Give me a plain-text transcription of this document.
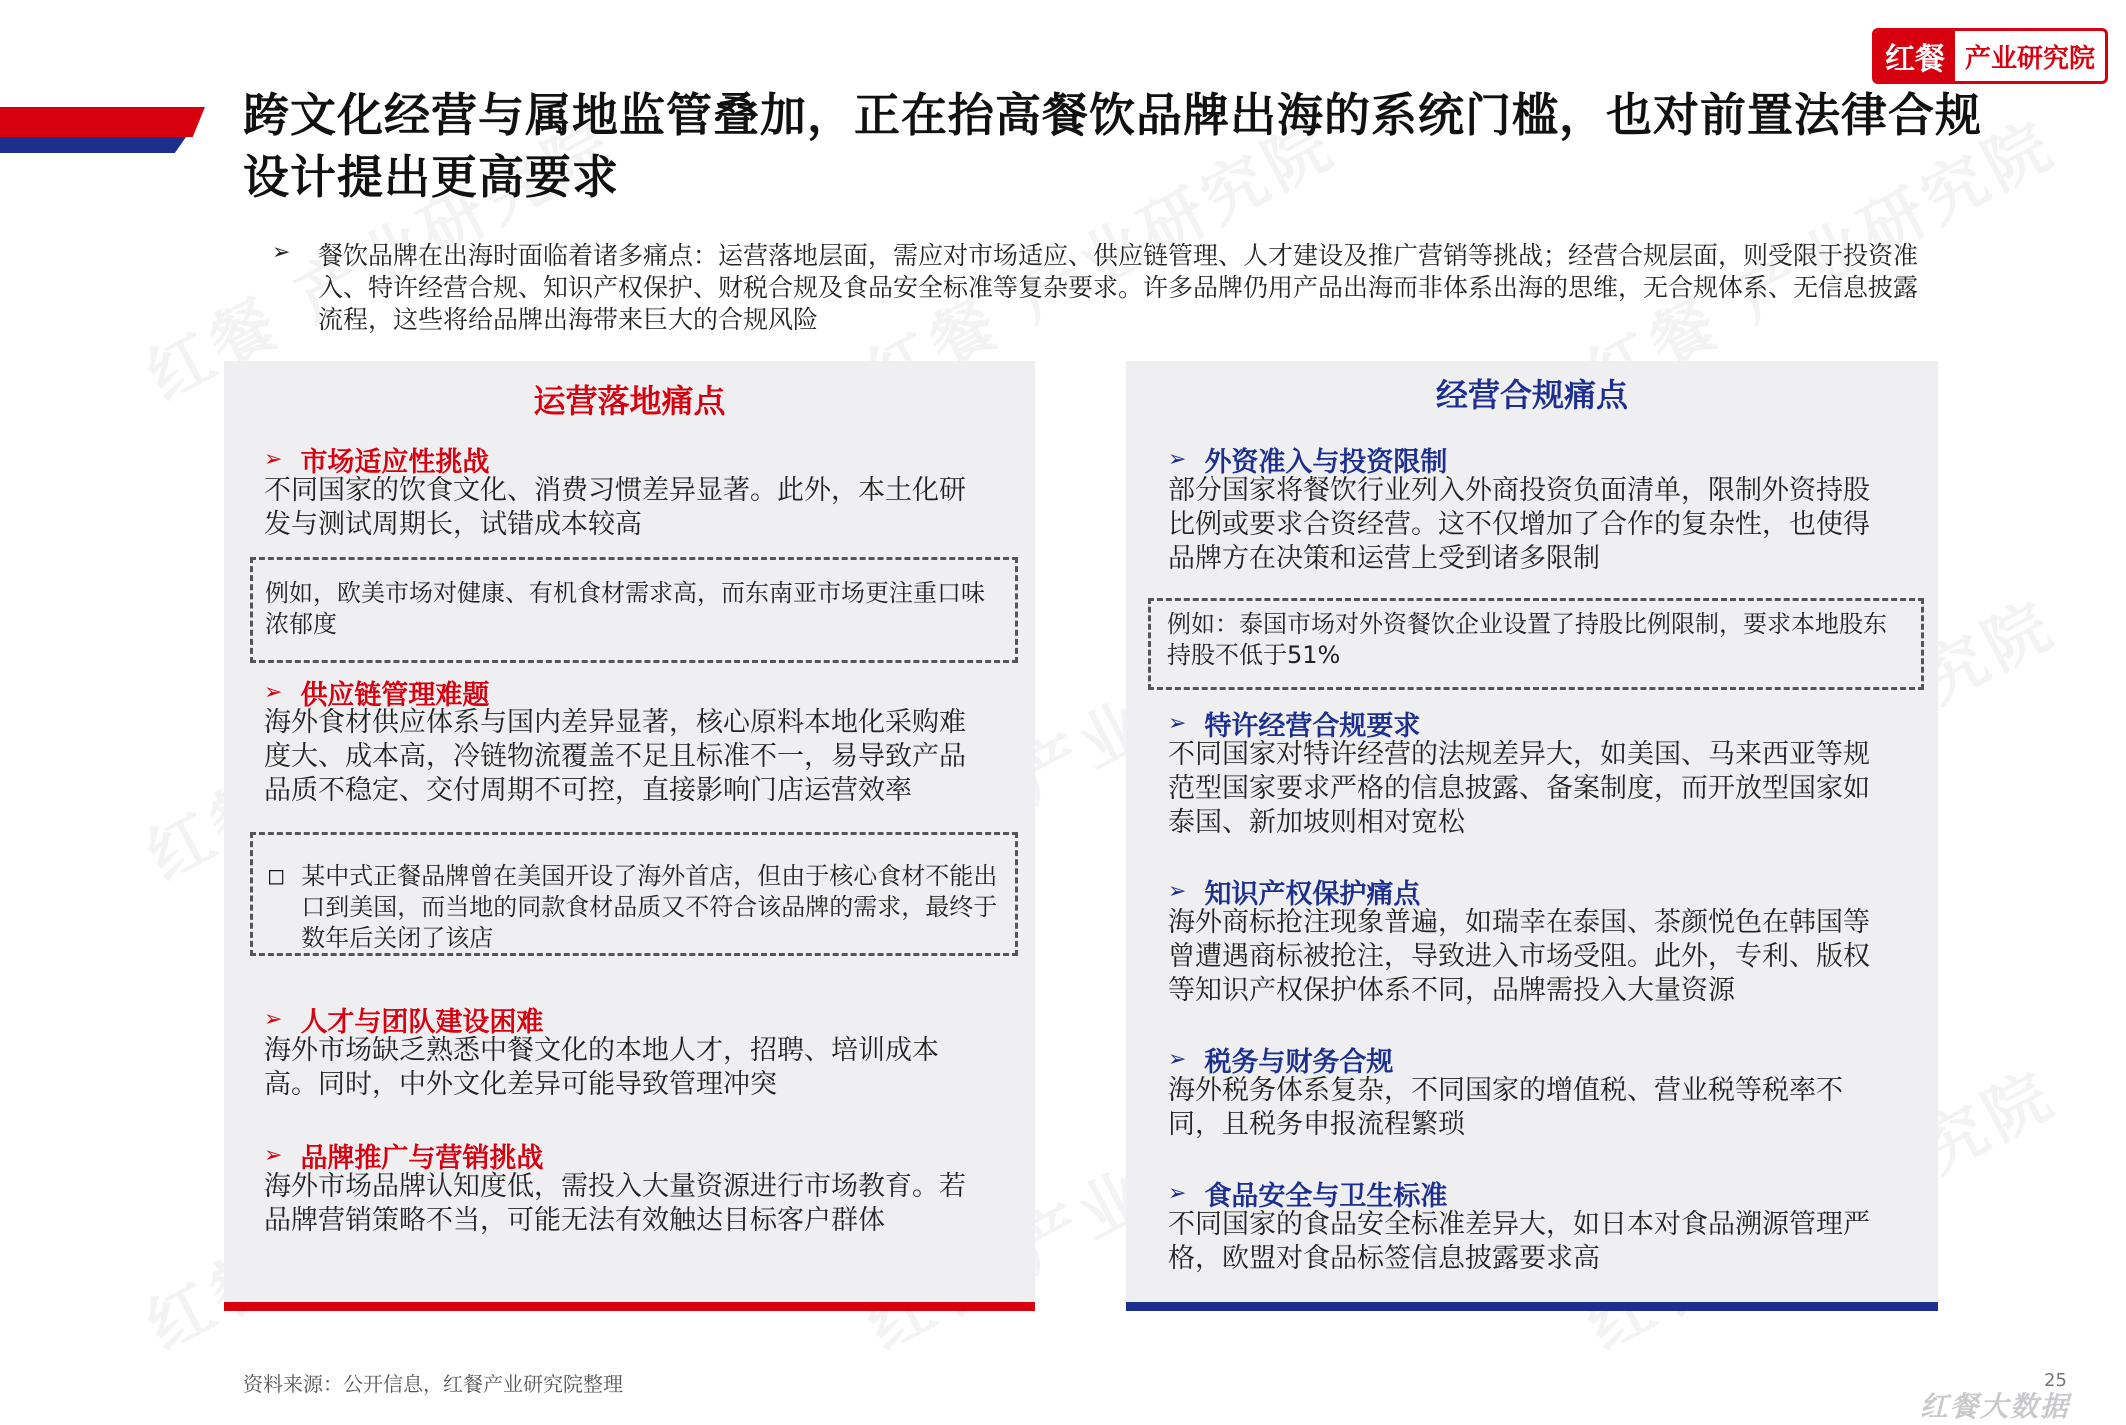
红餐 产业研究院
跨文化经营与属地监管叠加，正在抬高餐饮品牌出海的系统门槛，也对前置法律合规设计提出更高要求
➢ 餐饮品牌在出海时面临着诸多痛点：运营落地层面，需应对市场适应、供应链管理、人才建设及推广营销等挑战；经营合规层面，则受限于投资准入、特许经营合规、知识产权保护、财税合规及食品安全标准等复杂要求。许多品牌仍用产品出海而非体系出海的思维，无合规体系、无信息披露流程，这些将给品牌出海带来巨大的合规风险
运营落地痛点
➢ 市场适应性挑战
不同国家的饮食文化、消费习惯差异显著。此外，本土化研发与测试周期长，试错成本较高
例如，欧美市场对健康、有机食材需求高，而东南亚市场更注重口味浓郁度
➢ 供应链管理难题
海外食材供应体系与国内差异显著，核心原料本地化采购难度大、成本高，冷链物流覆盖不足且标准不一，易导致产品品质不稳定、交付周期不可控，直接影响门店运营效率
◻ 某中式正餐品牌曾在美国开设了海外首店，但由于核心食材不能出口到美国，而当地的同款食材品质又不符合该品牌的需求，最终于数年后关闭了该店
➢ 人才与团队建设困难
海外市场缺乏熟悉中餐文化的本地人才，招聘、培训成本高。同时，中外文化差异可能导致管理冲突
➢ 品牌推广与营销挑战
海外市场品牌认知度低，需投入大量资源进行市场教育。若品牌营销策略不当，可能无法有效触达目标客户群体
经营合规痛点
➢ 外资准入与投资限制
部分国家将餐饮行业列入外商投资负面清单，限制外资持股比例或要求合资经营。这不仅增加了合作的复杂性，也使得品牌方在决策和运营上受到诸多限制
例如：泰国市场对外资餐饮企业设置了持股比例限制，要求本地股东持股不低于51%
➢ 特许经营合规要求
不同国家对特许经营的法规差异大，如美国、马来西亚等规范型国家要求严格的信息披露、备案制度，而开放型国家如泰国、新加坡则相对宽松
➢ 知识产权保护痛点
海外商标抢注现象普遍，如瑞幸在泰国、茶颜悦色在韩国等曾遭遇商标被抢注，导致进入市场受阻。此外，专利、版权等知识产权保护体系不同，品牌需投入大量资源
➢ 税务与财务合规
海外税务体系复杂，不同国家的增值税、营业税等税率不同，且税务申报流程繁琐
➢ 食品安全与卫生标准
不同国家的食品安全标准差异大，如日本对食品溯源管理严格，欧盟对食品标签信息披露要求高
资料来源：公开信息，红餐产业研究院整理	25
红餐大数据
